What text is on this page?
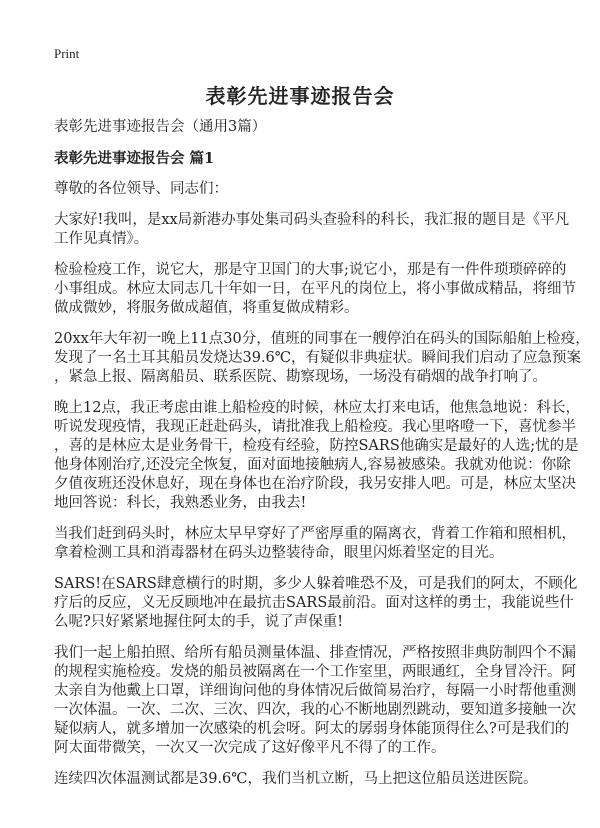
Print
表彰先进事迹报告会

表彰先进事迹报告会（通用3篇）

表彰先进事迹报告会 篇1

尊敬的各位领导、同志们：

大家好!我叫，是xx局新港办事处集司码头查验科的科长，我汇报的题目是《平凡
工作见真情》。

检验检疫工作，说它大，那是守卫国门的大事;说它小，那是有一件件琐琐碎碎的
小事组成。林应太同志几十年如一日，在平凡的岗位上，将小事做成精品，将细节
做成微妙，将服务做成超值，将重复做成精彩。

20xx年大年初一晚上11点30分，值班的同事在一艘停泊在码头的国际船舶上检疫，
发现了一名土耳其船员发烧达39.6℃，有疑似非典症状。瞬间我们启动了应急预案
，紧急上报、隔离船员、联系医院、勘察现场，一场没有硝烟的战争打响了。

晚上12点，我正考虑由谁上船检疫的时候，林应太打来电话，他焦急地说：科长，
听说发现疫情，我现正赶赴码头，请批准我上船检疫。我心里咯噔一下，喜忧参半
，喜的是林应太是业务骨干，检疫有经验，防控SARS他确实是最好的人选;忧的是
他身体刚治疗,还没完全恢复，面对面地接触病人,容易被感染。我就劝他说：你除
夕值夜班还没休息好，现在身体也在治疗阶段，我另安排人吧。可是，林应太坚决
地回答说：科长，我熟悉业务，由我去!

当我们赶到码头时，林应太早早穿好了严密厚重的隔离衣，背着工作箱和照相机，
拿着检测工具和消毒器材在码头边整装待命，眼里闪烁着坚定的目光。

SARS!在SARS肆意横行的时期，多少人躲着唯恐不及，可是我们的阿太，不顾化
疗后的反应，义无反顾地冲在最抗击SARS最前沿。面对这样的勇士，我能说些什
么呢?只好紧紧地握住阿太的手，说了声保重!

我们一起上船拍照、给所有船员测量体温、排查情况，严格按照非典防制四个不漏
的规程实施检疫。发烧的船员被隔离在一个工作室里，两眼通红，全身冒冷汗。阿
太亲自为他戴上口罩，详细询问他的身体情况后做简易治疗，每隔一小时帮他重测
一次体温。一次、二次、三次、四次，我的心不断地剧烈跳动，要知道多接触一次
疑似病人，就多增加一次感染的机会呀。阿太的孱弱身体能顶得住么?可是我们的
阿太面带微笑，一次又一次完成了这好像平凡不得了的工作。

连续四次体温测试都是39.6℃，我们当机立断，马上把这位船员送进医院。
